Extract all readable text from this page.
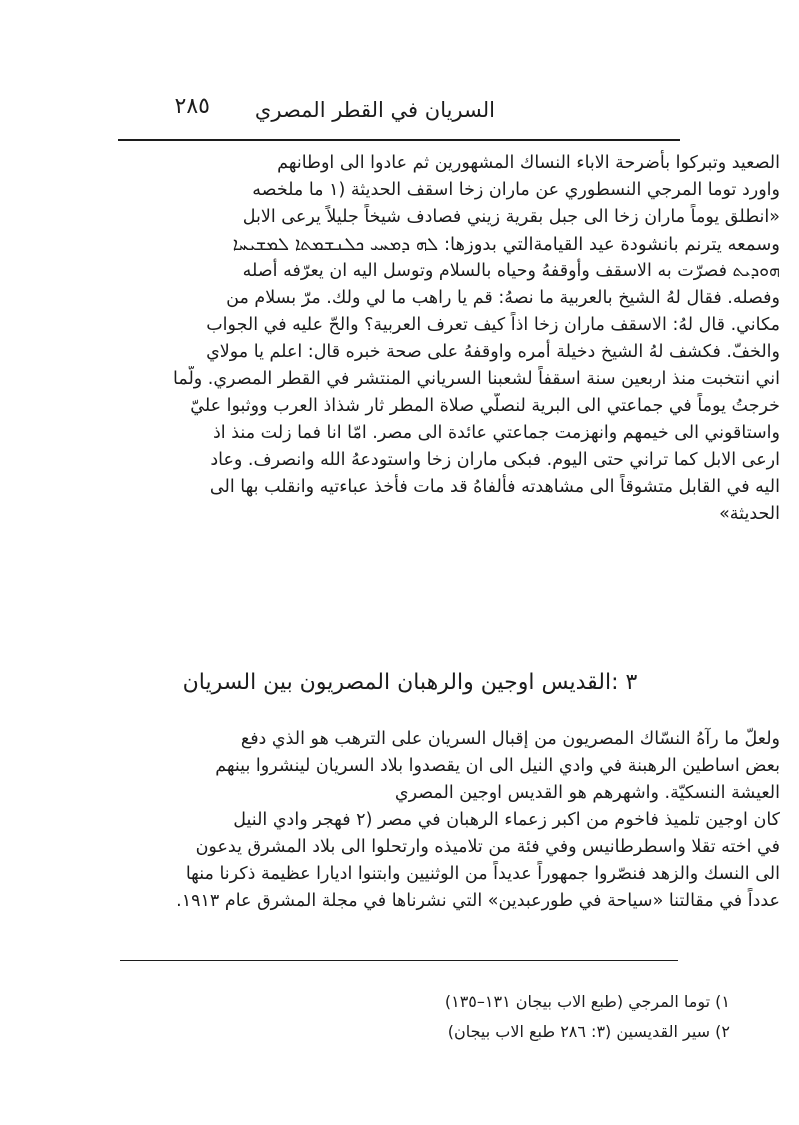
السريان في القطر المصري
٢٨٥
الصعيد وتبركوا بأضرحة الاباء النساك المشهورين ثم عادوا الى اوطانهم
واورد توما المرجي النسطوري عن ماران زخا اسقف الحديثة (١ ما ملخصه
«انطلق يوماً ماران زخا الى جبل بقرية زيني فصادف شيخاً جليلاً يرعى الابل
وسمعه يترنم بانشودة عيد القيامةالتي بدوزها: ܠܗ ܕܡܚܝ ܟܠܢܫܡܬܐ ܠܡܫܝܚܐ
ܗܘܕܝܬ فصرّت به الاسقف وأوقفهُ وحياه بالسلام وتوسل اليه ان يعرّفه أصله
وفصله. فقال لهُ الشيخ بالعربية ما نصهُ: قم يا راهب ما لي ولك. مرّ بسلام من
مكاني. قال لهُ: الاسقف ماران زخا اذاً كيف تعرف العربية؟ والحّ عليه في الجواب
والخفّ. فكشف لهُ الشيخ دخيلة أمره واوقفهُ على صحة خبره قال: اعلم يا مولاي
اني انتخبت منذ اربعين سنة اسقفاً لشعبنا السرياني المنتشر في القطر المصري. ولّما
خرجتُ يوماً في جماعتي الى البرية لنصلّي صلاة المطر ثار شذاذ العرب ووثبوا عليّ
واستاقوني الى خيمهم وانهزمت جماعتي عائدة الى مصر. امّا انا فما زلت منذ اذ
ارعى الابل كما تراني حتى اليوم. فبكى ماران زخا واستودعهُ الله وانصرف. وعاد
اليه في القابل متشوقاً الى مشاهدته فألفاهُ قد مات فأخذ عباءتيه وانقلب بها الى
الحديثة»
٣ :القديس اوجين والرهبان المصريون بين السريان
ولعلّ ما رآهُ النسّاك المصريون من إقبال السريان على الترهب هو الذي دفع
بعض اساطين الرهبنة في وادي النيل الى ان يقصدوا بلاد السريان لينشروا بينهم
العيشة النسكيّة. واشهرهم هو القديس اوجين المصري
كان اوجين تلميذ فاخوم من اكبر زعماء الرهبان في مصر (٢ فهجر وادي النيل
في اخته تقلا واسطرطانيس وفي فئة من تلاميذه وارتحلوا الى بلاد المشرق يدعون
الى النسك والزهد فنصّروا جمهوراً عديداً من الوثنيين وابتنوا اديارا عظيمة ذكرنا منها
عدداً في مقالتنا «سياحة في طورعبدين» التي نشرناها في مجلة المشرق عام ١٩١٣.
١) توما المرجي (طبع الاب بيجان ١٣١–١٣٥)
٢) سير القديسين (٣: ٢٨٦ طبع الاب بيجان)
